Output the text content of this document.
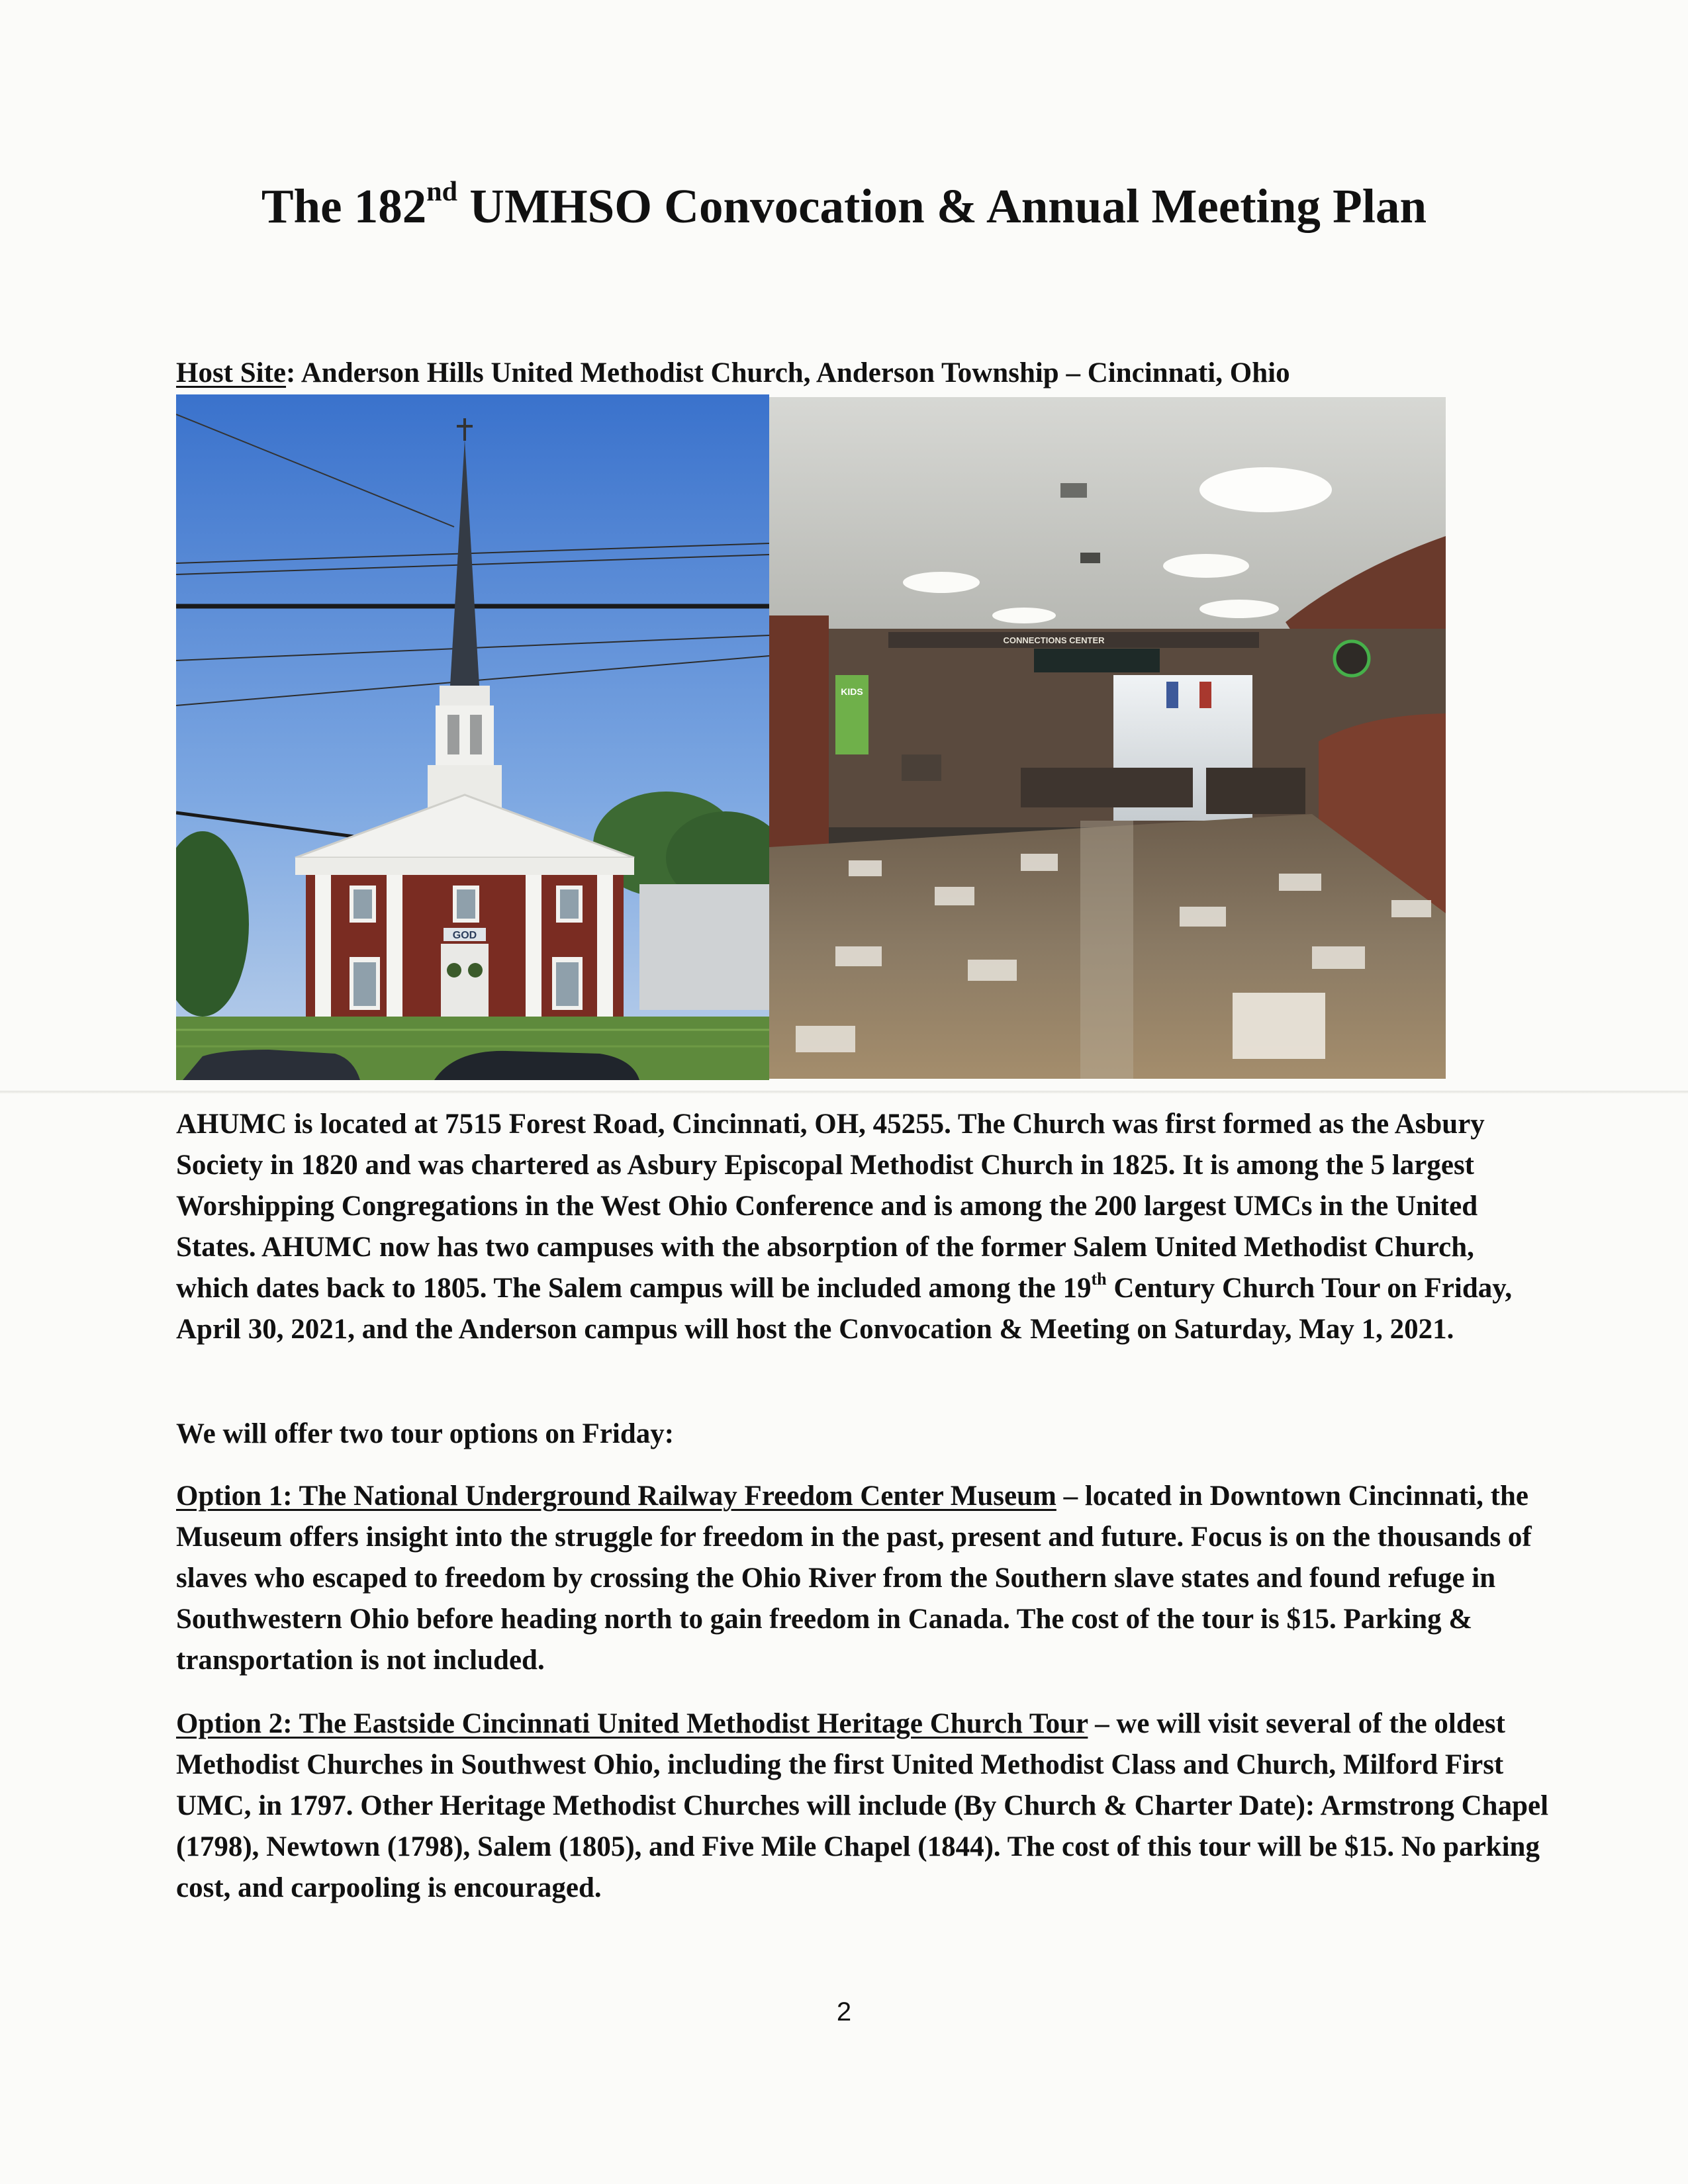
The 182nd UMHSO Convocation & Annual Meeting Plan
Host Site: Anderson Hills United Methodist Church, Anderson Township – Cincinnati, Ohio
GOD
CONNECTIONS CENTER
KIDS
AHUMC is located at 7515 Forest Road, Cincinnati, OH, 45255. The Church was first formed as the Asbury Society in 1820 and was chartered as Asbury Episcopal Methodist Church in 1825. It is among the 5 largest Worshipping Congregations in the West Ohio Conference and is among the 200 largest UMCs in the United States. AHUMC now has two campuses with the absorption of the former Salem United Methodist Church, which dates back to 1805. The Salem campus will be included among the 19th Century Church Tour on Friday, April 30, 2021, and the Anderson campus will host the Convocation & Meeting on Saturday, May 1, 2021.
We will offer two tour options on Friday:
Option 1: The National Underground Railway Freedom Center Museum – located in Downtown Cincinnati, the Museum offers insight into the struggle for freedom in the past, present and future. Focus is on the thousands of slaves who escaped to freedom by crossing the Ohio River from the Southern slave states and found refuge in Southwestern Ohio before heading north to gain freedom in Canada. The cost of the tour is $15. Parking & transportation is not included.
Option 2: The Eastside Cincinnati United Methodist Heritage Church Tour – we will visit several of the oldest Methodist Churches in Southwest Ohio, including the first United Methodist Class and Church, Milford First UMC, in 1797. Other Heritage Methodist Churches will include (By Church & Charter Date): Armstrong Chapel (1798), Newtown (1798), Salem (1805), and Five Mile Chapel (1844). The cost of this tour will be $15. No parking cost, and carpooling is encouraged.
2
